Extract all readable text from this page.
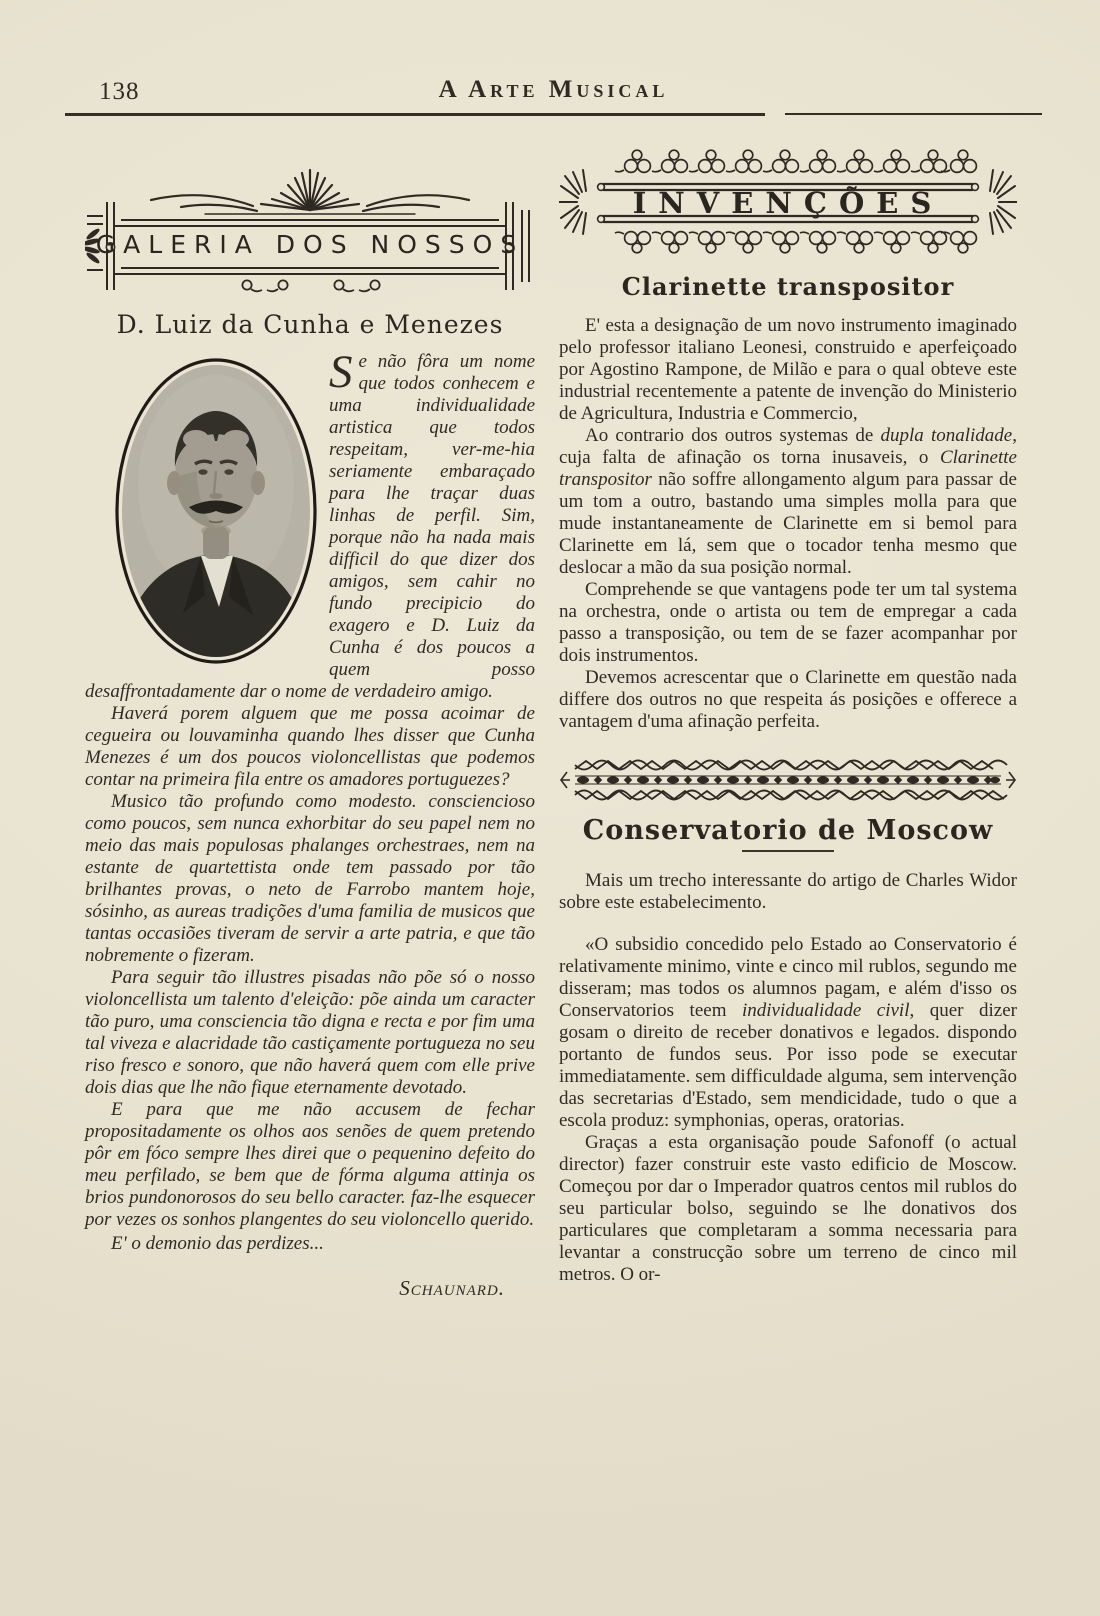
138	A Arte Musical
GALERIA DOS NOSSOS
D. Luiz da Cunha e Menezes

Se não fôra um nome que todos conhecem e uma individualidade artistica que todos respeitam, ver-me-hia seriamente embaraçado para lhe traçar duas linhas de perfil. Sim, porque não ha nada mais difficil do que dizer dos amigos, sem cahir no fundo precipicio do exagero e D. Luiz da Cunha é dos poucos a quem posso desaffrontadamente dar o nome de verdadeiro amigo.

Haverá porem alguem que me possa acoimar de cegueira ou louvaminha quando lhes disser que Cunha Menezes é um dos poucos violoncellistas que podemos contar na primeira fila entre os amadores portuguezes?

Musico tão profundo como modesto. consciencioso como poucos, sem nunca exhorbitar do seu papel nem no meio das mais populosas phalanges orchestraes, nem na estante de quartettista onde tem passado por tão brilhantes provas, o neto de Farrobo mantem hoje, sósinho, as aureas tradições d'uma familia de musicos que tantas occasiões tiveram de servir a arte patria, e que tão nobremente o fizeram.

Para seguir tão illustres pisadas não põe só o nosso violoncellista um talento d'eleição: põe ainda um caracter tão puro, uma consciencia tão digna e recta e por fim uma tal viveza e alacridade tão castiçamente portugueza no seu riso fresco e sonoro, que não haverá quem com elle prive dois dias que lhe não fique eternamente devotado.

E para que me não accusem de fechar propositadamente os olhos aos senões de quem pretendo pôr em fóco sempre lhes direi que o pequenino defeito do meu perfilado, se bem que de fórma alguma attinja os brios pundonorosos do seu bello caracter. faz-lhe esquecer por vezes os sonhos plangentes do seu violoncello querido.

E' o demonio das perdizes...

Schaunard.

INVENÇÕES
Clarinette transpositor

E' esta a designação de um novo instrumento imaginado pelo professor italiano Leonesi, construido e aperfeiçoado por Agostino Rampone, de Milão e para o qual obteve este industrial recentemente a patente de invenção do Ministerio de Agricultura, Industria e Commercio,

Ao contrario dos outros systemas de dupla tonalidade, cuja falta de afinação os torna inusaveis, o Clarinette transpositor não soffre allongamento algum para passar de um tom a outro, bastando uma simples molla para que mude instantaneamente de Clarinette em si bemol para Clarinette em lá, sem que o tocador tenha mesmo que deslocar a mão da sua posição normal.

Comprehende se que vantagens pode ter um tal systema na orchestra, onde o artista ou tem de empregar a cada passo a transposição, ou tem de se fazer acompanhar por dois instrumentos.

Devemos acrescentar que o Clarinette em questão nada differe dos outros no que respeita ás posições e offerece a vantagem d'uma afinação perfeita.

Conservatorio de Moscow

Mais um trecho interessante do artigo de Charles Widor sobre este estabelecimento.

«O subsidio concedido pelo Estado ao Conservatorio é relativamente minimo, vinte e cinco mil rublos, segundo me disseram; mas todos os alumnos pagam, e além d'isso os Conservatorios teem individualidade civil, quer dizer gosam o direito de receber donativos e legados. dispondo portanto de fundos seus. Por isso pode se executar immediatamente. sem difficuldade alguma, sem intervenção das secretarias d'Estado, sem mendicidade, tudo o que a escola produz: symphonias, operas, oratorias.

Graças a esta organisação poude Safonoff (o actual director) fazer construir este vasto edificio de Moscow. Começou por dar o Imperador quatros centos mil rublos do seu particular bolso, seguindo se lhe donativos dos particulares que completaram a somma necessaria para levantar a construcção sobre um terreno de cinco mil metros. O or-
